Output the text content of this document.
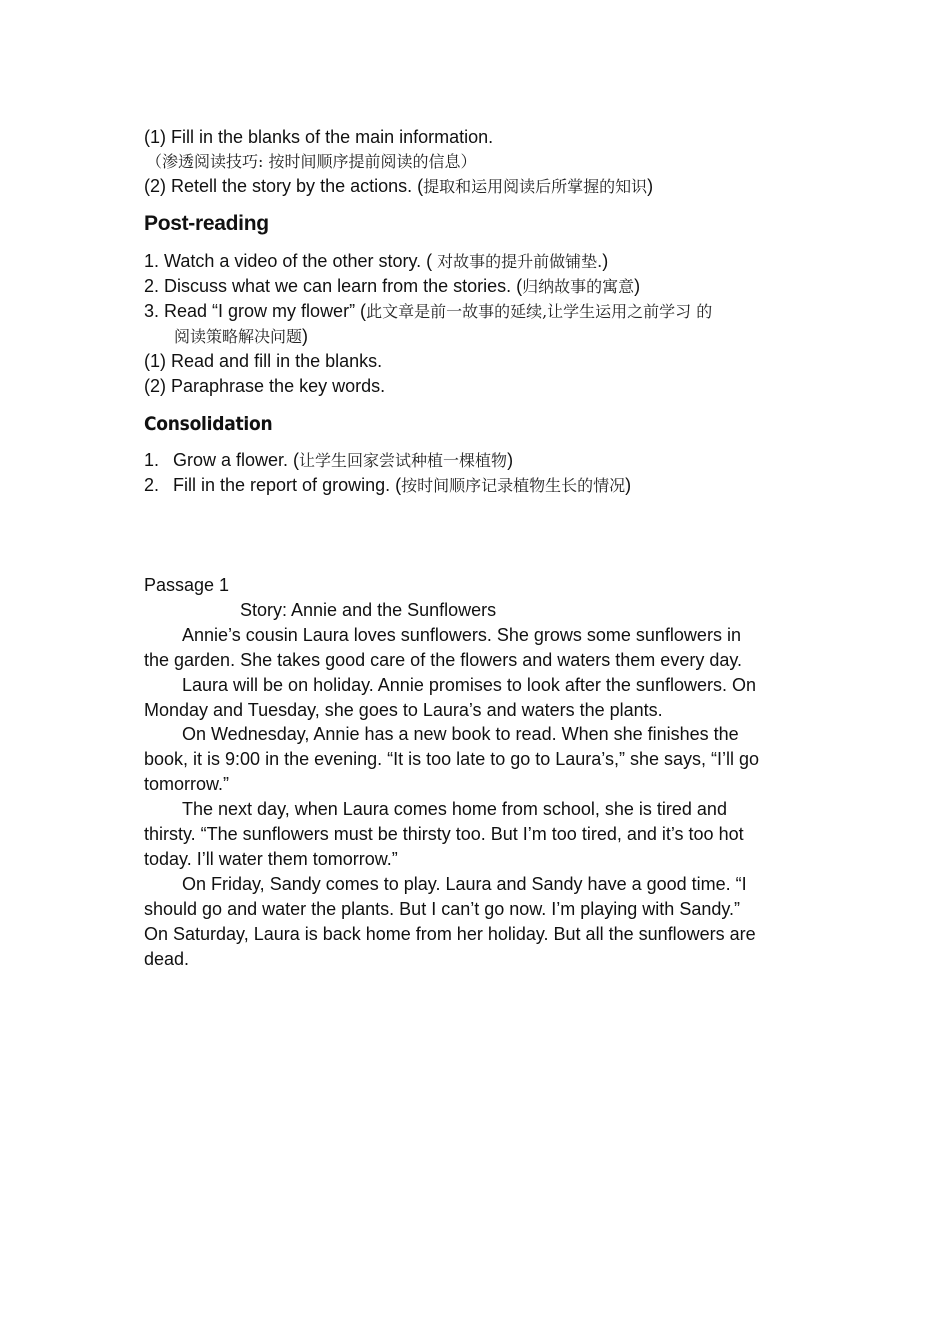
(1) Fill in the blanks of the main information.
（渗透阅读技巧: 按时间顺序提前阅读的信息）
(2) Retell the story by the actions. (提取和运用阅读后所掌握的知识)
Post-reading
1. Watch a video of the other story. ( 对故事的提升前做铺垫.)
2. Discuss what we can learn from the stories. (归纳故事的寓意)
3. Read “I grow my flower” (此文章是前一故事的延续,让学生运用之前学习 的
阅读策略解决问题)
(1) Read and fill in the blanks.
(2) Paraphrase the key words.
Consolidation
1. Grow a flower. (让学生回家尝试种植一棵植物)
2. Fill in the report of growing. (按时间顺序记录植物生长的情况)
Passage 1
Story: Annie and the Sunflowers
Annie’s cousin Laura loves sunflowers. She grows some sunflowers in
the garden. She takes good care of the flowers and waters them every day.
Laura will be on holiday. Annie promises to look after the sunflowers. On
Monday and Tuesday, she goes to Laura’s and waters the plants.
On Wednesday, Annie has a new book to read. When she finishes the
book, it is 9:00 in the evening. “It is too late to go to Laura’s,” she says, “I’ll go
tomorrow.”
The next day, when Laura comes home from school, she is tired and
thirsty. “The sunflowers must be thirsty too. But I’m too tired, and it’s too hot
today. I’ll water them tomorrow.”
On Friday, Sandy comes to play. Laura and Sandy have a good time. “I
should go and water the plants. But I can’t go now. I’m playing with Sandy.”
On Saturday, Laura is back home from her holiday. But all the sunflowers are
dead.
